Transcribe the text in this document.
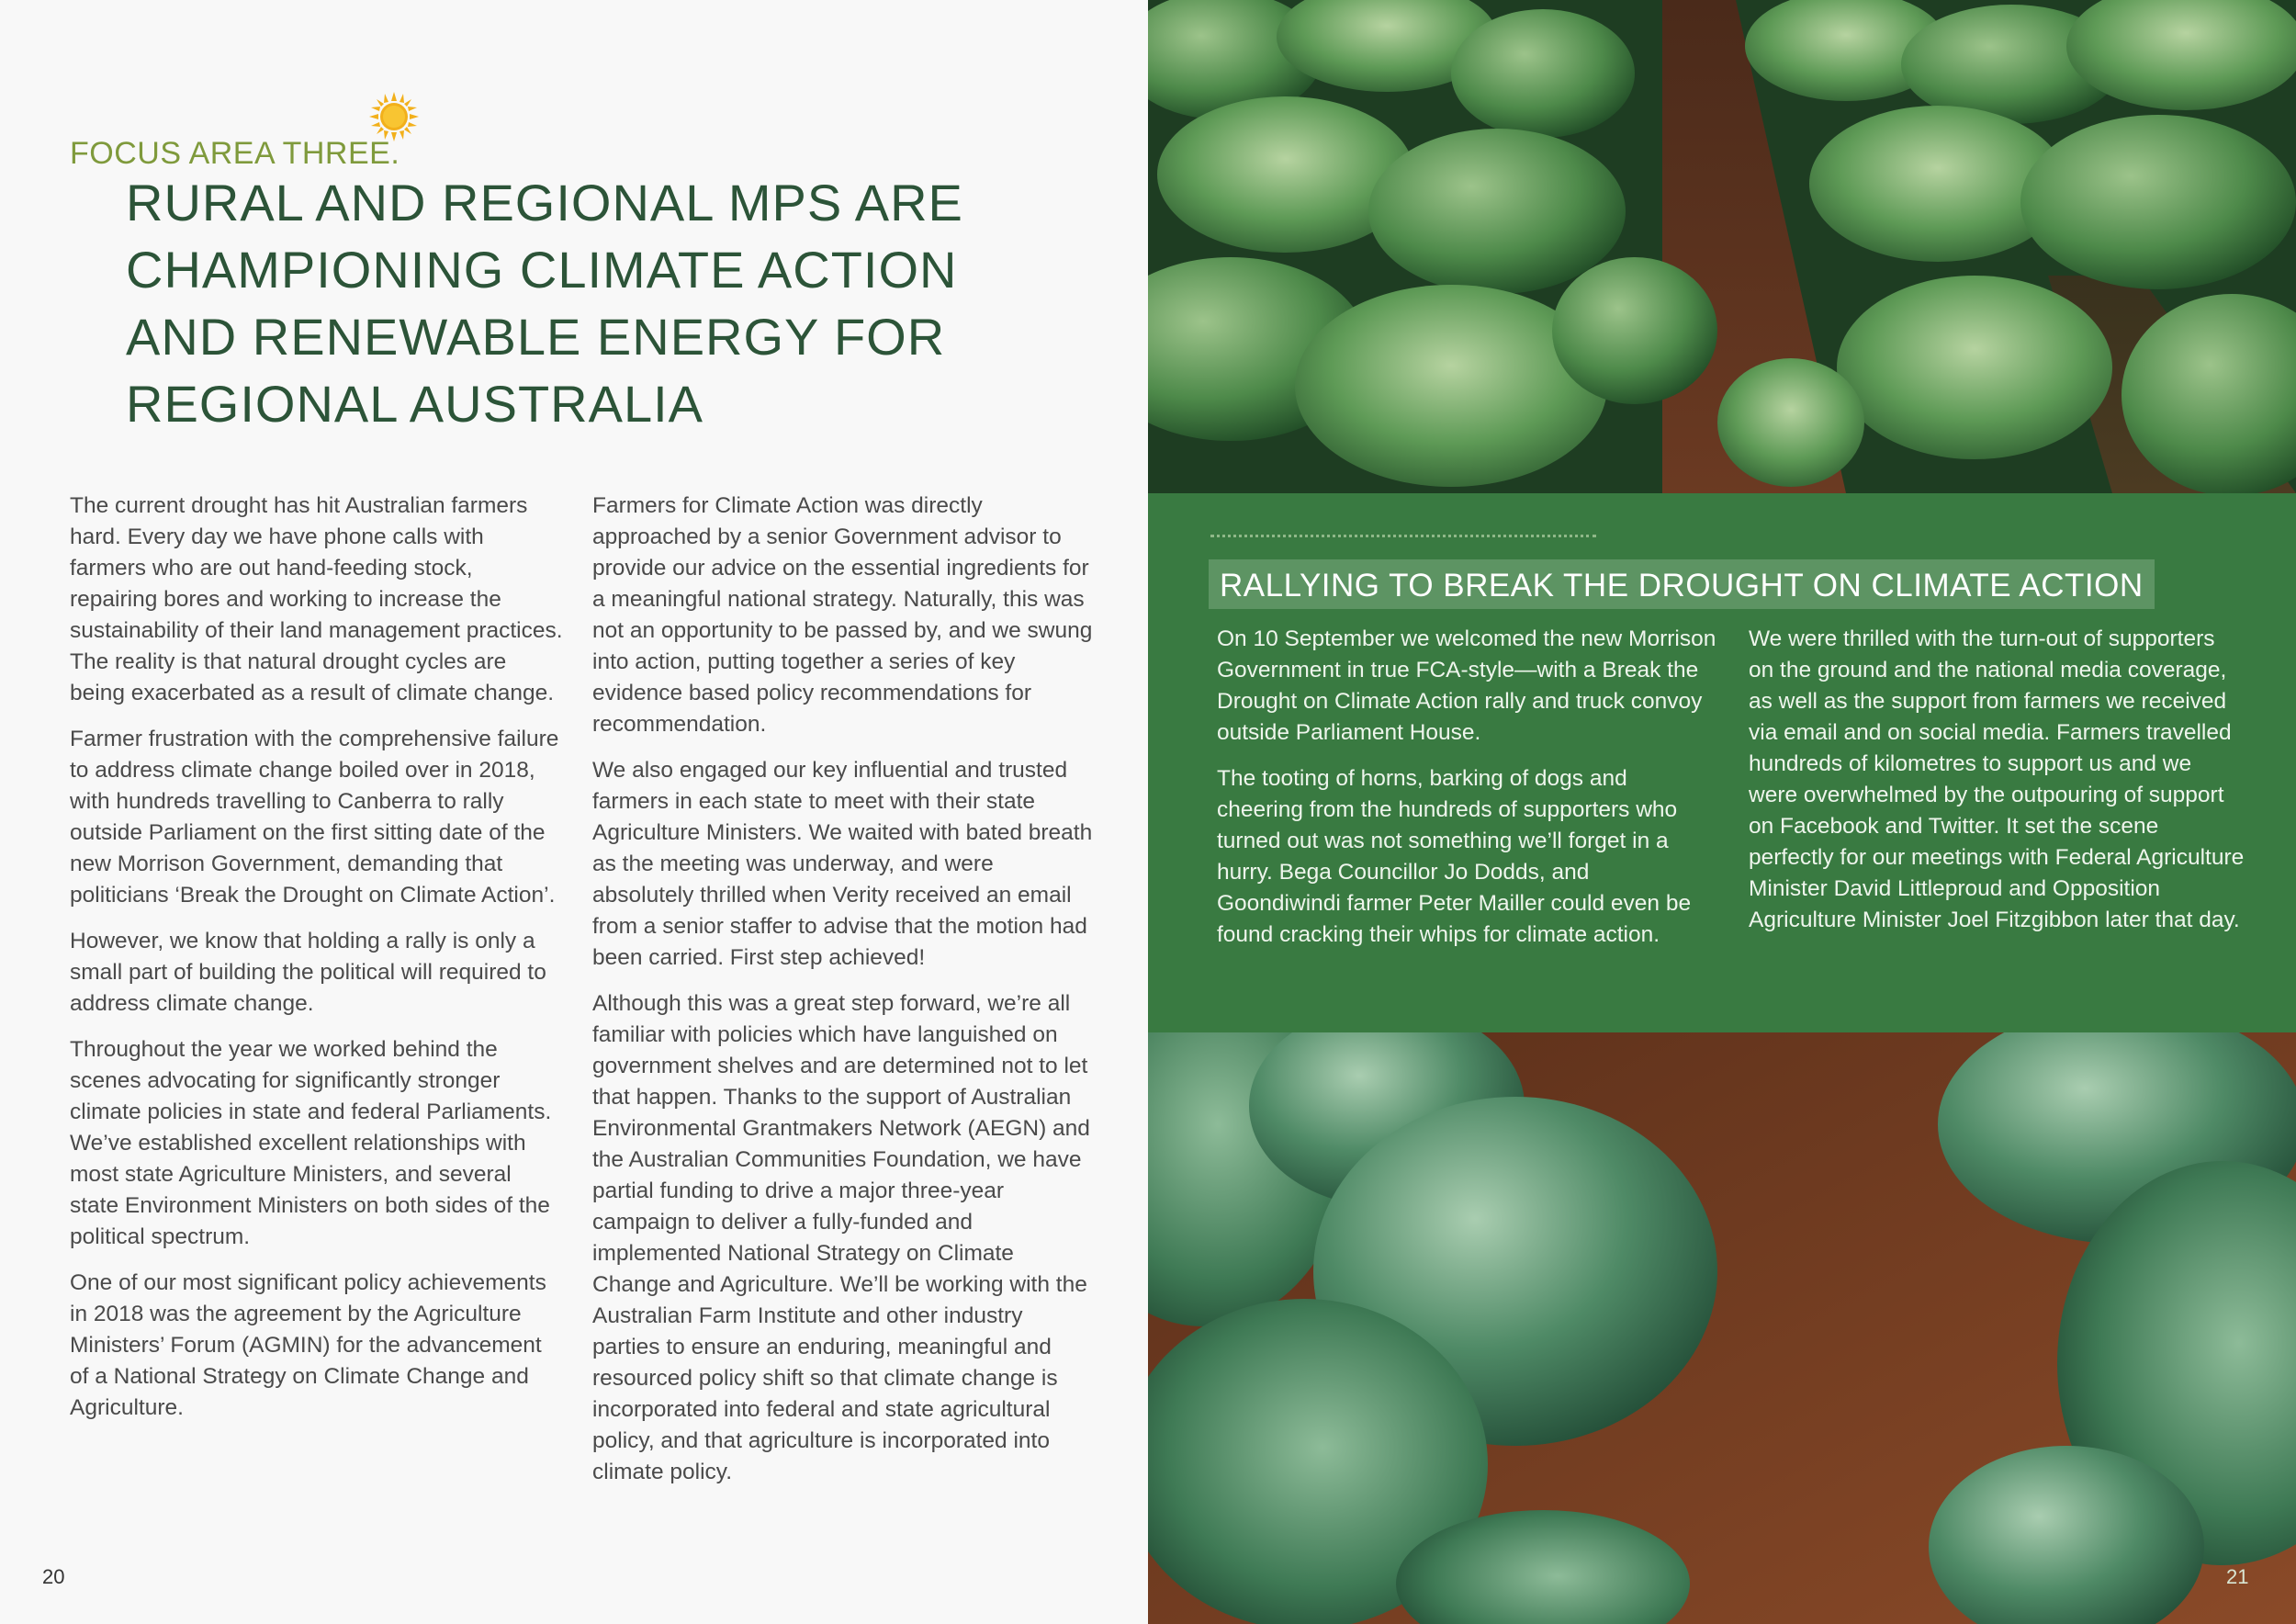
FOCUS AREA THREE.
RURAL AND REGIONAL MPS ARE
CHAMPIONING CLIMATE ACTION
AND RENEWABLE ENERGY FOR
REGIONAL AUSTRALIA

The current drought has hit Australian farmers hard. Every day we have phone calls with farmers who are out hand-feeding stock, repairing bores and working to increase the sustainability of their land management practices. The reality is that natural drought cycles are being exacerbated as a result of climate change.

Farmer frustration with the comprehensive failure to address climate change boiled over in 2018, with hundreds travelling to Canberra to rally outside Parliament on the first sitting date of the new Morrison Government, demanding that politicians ‘Break the Drought on Climate Action’.

However, we know that holding a rally is only a small part of building the political will required to address climate change.

Throughout the year we worked behind the scenes advocating for significantly stronger climate policies in state and federal Parliaments. We’ve established excellent relationships with most state Agriculture Ministers, and several state Environment Ministers on both sides of the political spectrum.

One of our most significant policy achievements in 2018 was the agreement by the Agriculture Ministers’ Forum (AGMIN) for the advancement of a National Strategy on Climate Change and Agriculture.

Farmers for Climate Action was directly approached by a senior Government advisor to provide our advice on the essential ingredients for a meaningful national strategy. Naturally, this was not an opportunity to be passed by, and we swung into action, putting together a series of key evidence based policy recommendations for recommendation.

We also engaged our key influential and trusted farmers in each state to meet with their state Agriculture Ministers. We waited with bated breath as the meeting was underway, and were absolutely thrilled when Verity received an email from a senior staffer to advise that the motion had been carried. First step achieved!

Although this was a great step forward, we’re all familiar with policies which have languished on government shelves and are determined not to let that happen. Thanks to the support of Australian Environmental Grantmakers Network (AEGN) and the Australian Communities Foundation, we have partial funding to drive a major three-year campaign to deliver a fully-funded and implemented National Strategy on Climate Change and Agriculture. We’ll be working with the Australian Farm Institute and other industry parties to ensure an enduring, meaningful and resourced policy shift so that climate change is incorporated into federal and state agricultural policy, and that agriculture is incorporated into climate policy.

20
RALLYING TO BREAK THE DROUGHT ON CLIMATE ACTION

On 10 September we welcomed the new Morrison Government in true FCA-style—with a Break the Drought on Climate Action rally and truck convoy outside Parliament House.

The tooting of horns, barking of dogs and cheering from the hundreds of supporters who turned out was not something we’ll forget in a hurry. Bega Councillor Jo Dodds, and Goondiwindi farmer Peter Mailler could even be found cracking their whips for climate action.

We were thrilled with the turn-out of supporters on the ground and the national media coverage, as well as the support from farmers we received via email and on social media. Farmers travelled hundreds of kilometres to support us and we were overwhelmed by the outpouring of support on Facebook and Twitter. It set the scene perfectly for our meetings with Federal Agriculture Minister David Littleproud and Opposition Agriculture Minister Joel Fitzgibbon later that day.

21
